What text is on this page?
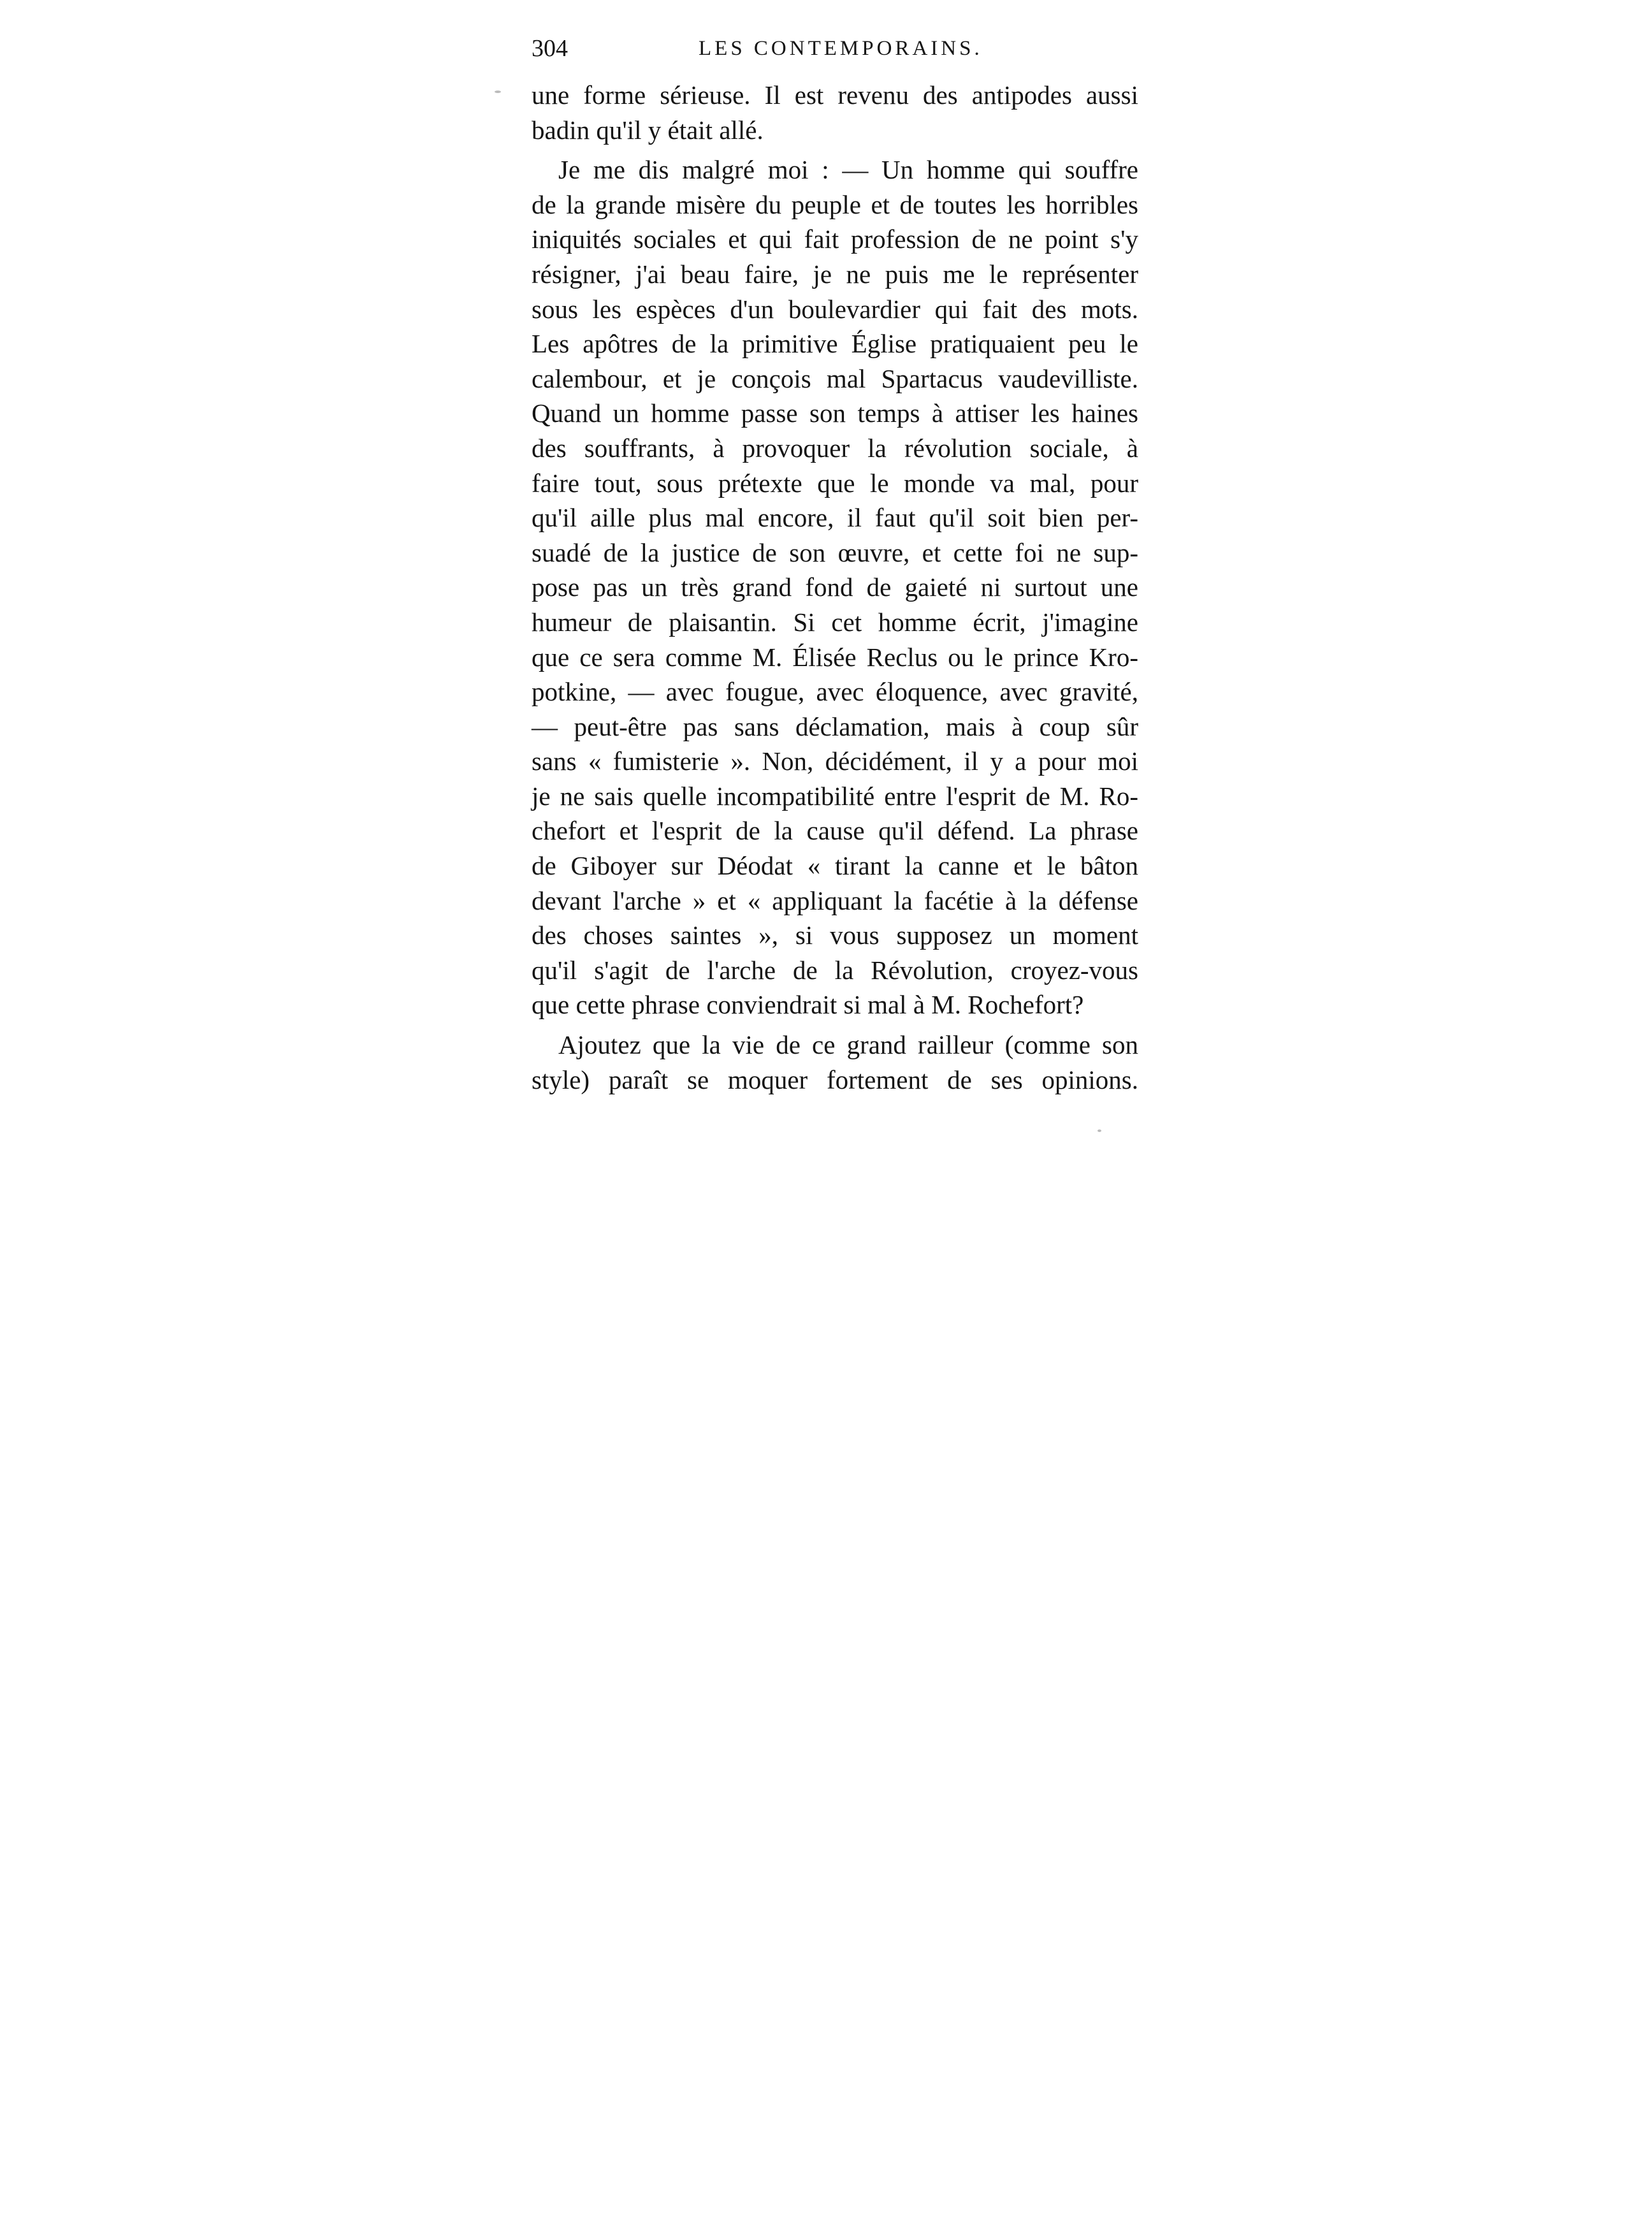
304	LES CONTEMPORAINS.
une forme sérieuse. Il est revenu des antipodes aussi
badin qu'il y était allé.
Je me dis malgré moi : — Un homme qui souffre
de la grande misère du peuple et de toutes les horribles
iniquités sociales et qui fait profession de ne point s'y
résigner, j'ai beau faire, je ne puis me le représenter
sous les espèces d'un boulevardier qui fait des mots.
Les apôtres de la primitive Église pratiquaient peu le
calembour, et je conçois mal Spartacus vaudevilliste.
Quand un homme passe son temps à attiser les haines
des souffrants, à provoquer la révolution sociale, à
faire tout, sous prétexte que le monde va mal, pour
qu'il aille plus mal encore, il faut qu'il soit bien per-
suadé de la justice de son œuvre, et cette foi ne sup-
pose pas un très grand fond de gaieté ni surtout une
humeur de plaisantin. Si cet homme écrit, j'imagine
que ce sera comme M. Élisée Reclus ou le prince Kro-
potkine, — avec fougue, avec éloquence, avec gravité,
— peut-être pas sans déclamation, mais à coup sûr
sans « fumisterie ». Non, décidément, il y a pour moi
je ne sais quelle incompatibilité entre l'esprit de M. Ro-
chefort et l'esprit de la cause qu'il défend. La phrase
de Giboyer sur Déodat « tirant la canne et le bâton
devant l'arche » et « appliquant la facétie à la défense
des choses saintes », si vous supposez un moment
qu'il s'agit de l'arche de la Révolution, croyez-vous
que cette phrase conviendrait si mal à M. Rochefort?
Ajoutez que la vie de ce grand railleur (comme son
style) paraît se moquer fortement de ses opinions.
